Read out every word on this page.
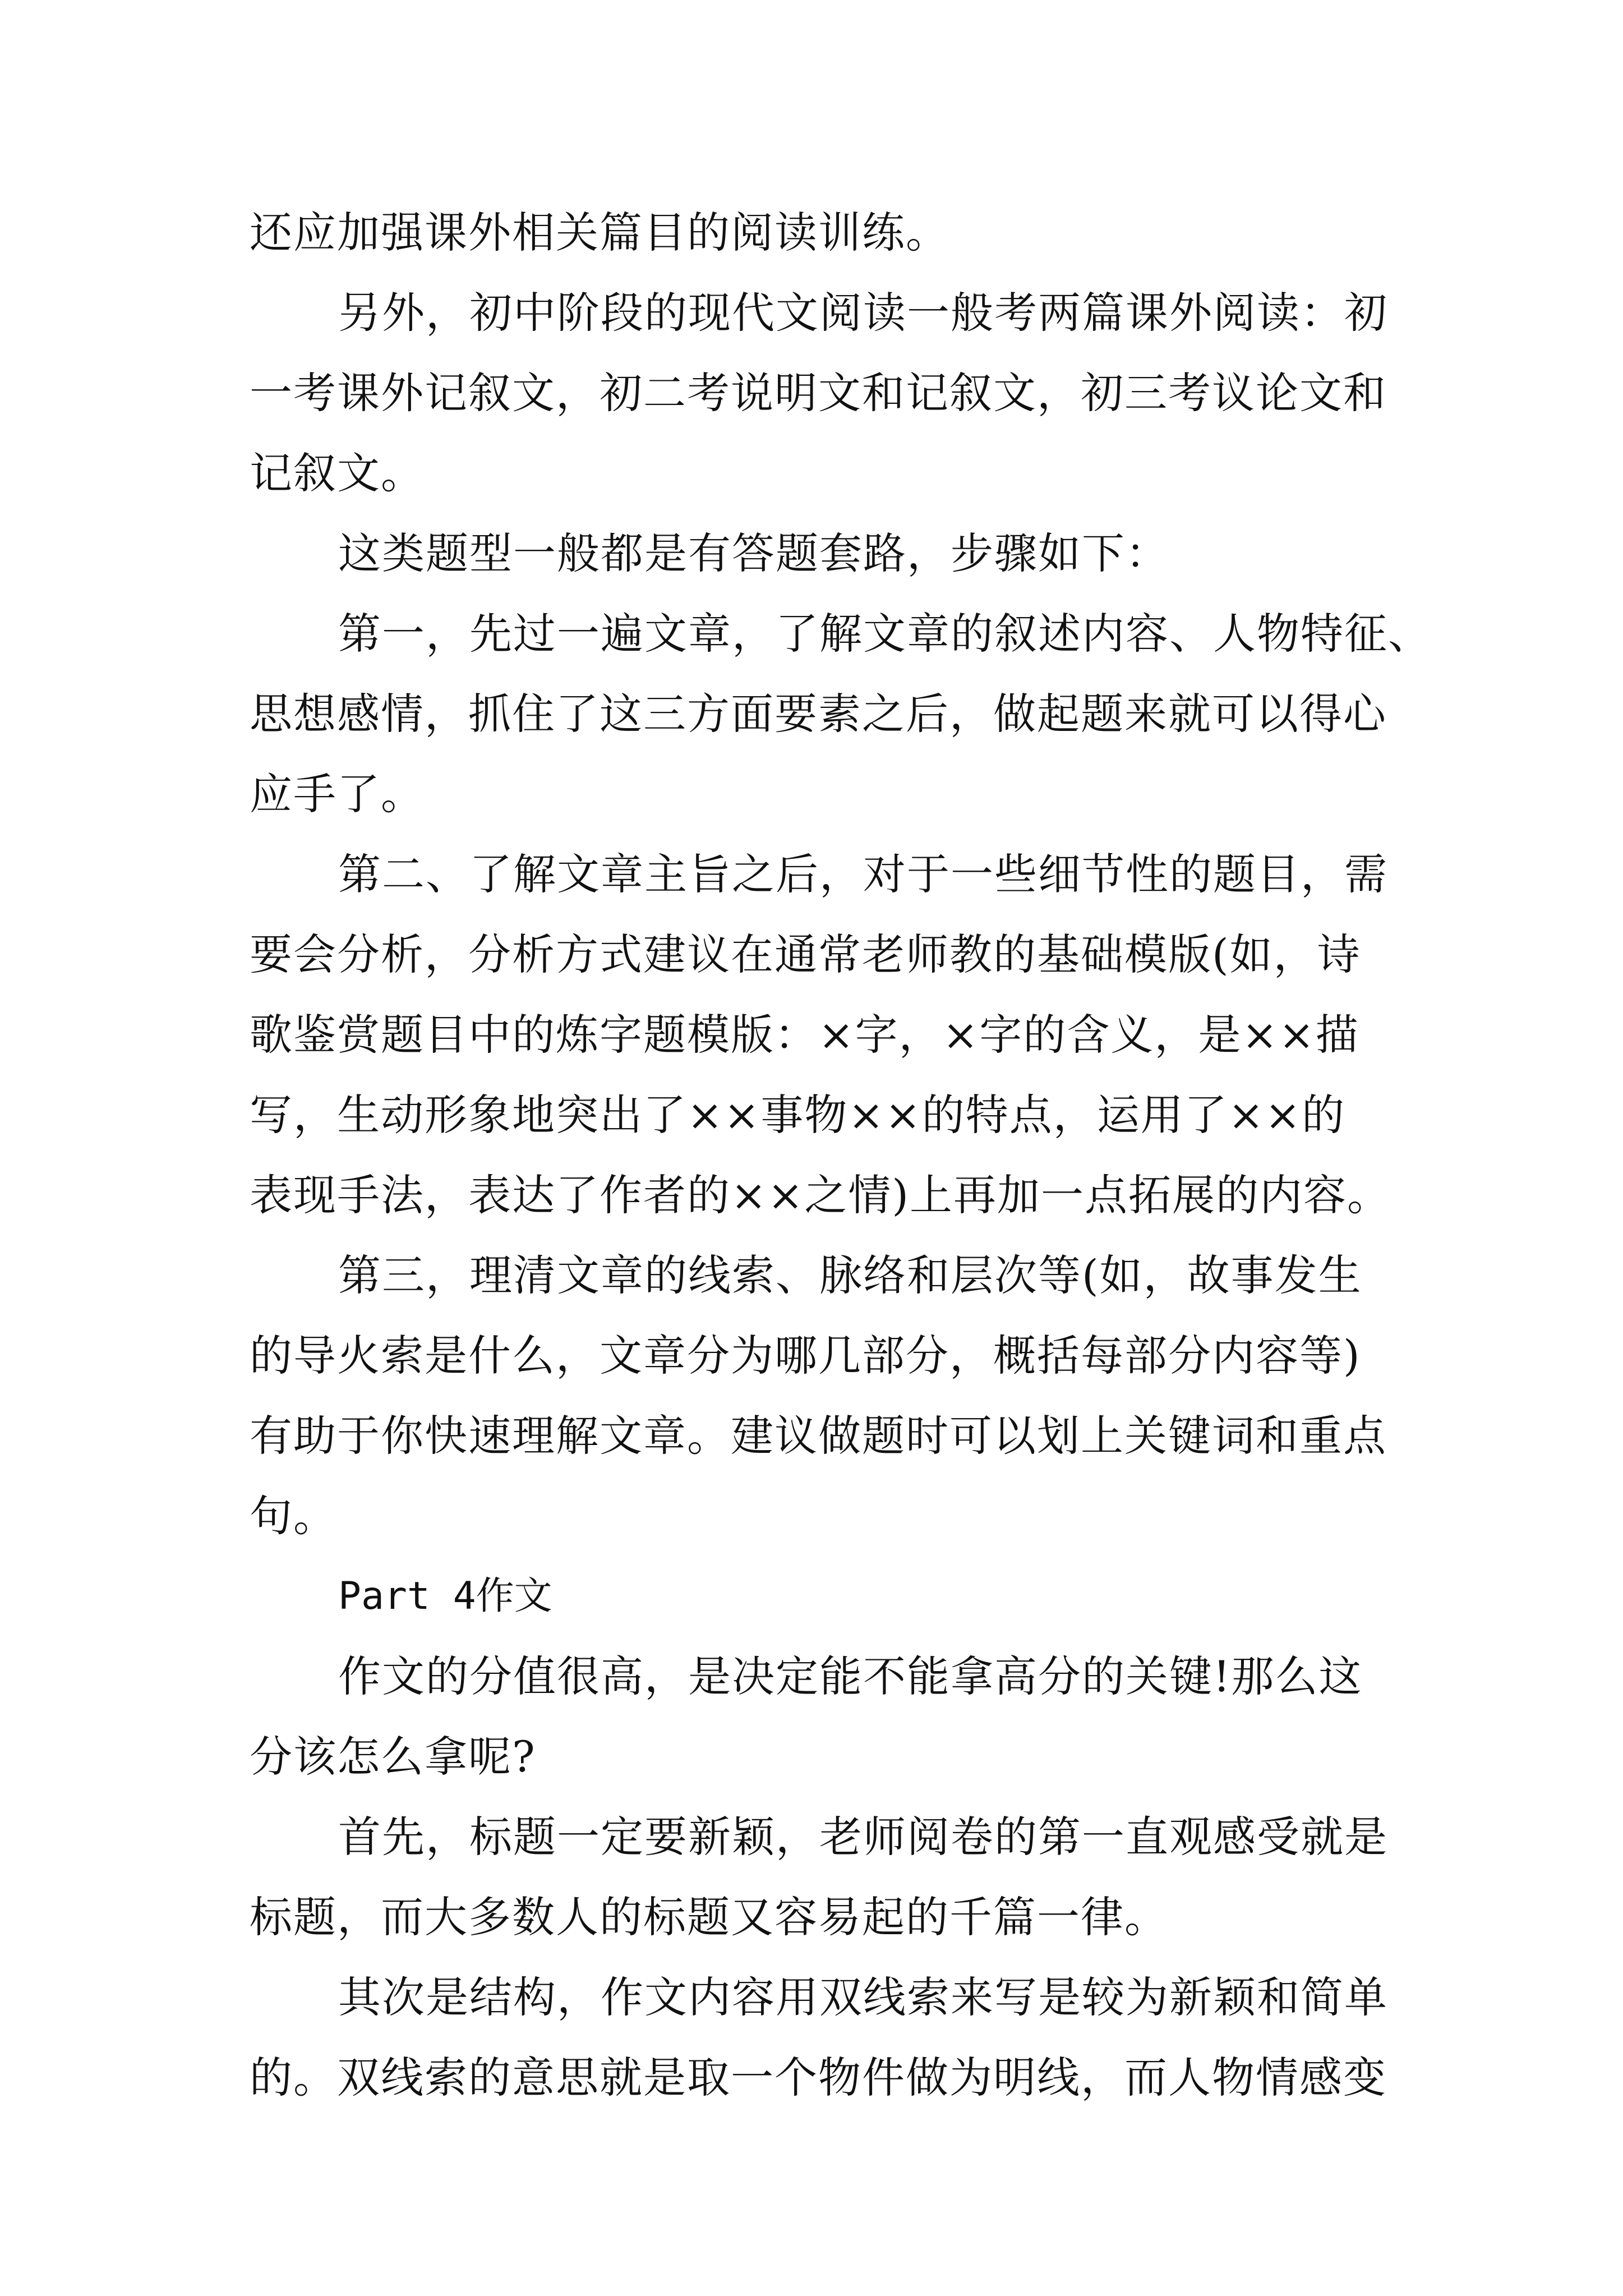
还应加强课外相关篇目的阅读训练。
另外，初中阶段的现代文阅读一般考两篇课外阅读：初
一考课外记叙文，初二考说明文和记叙文，初三考议论文和
记叙文。
这类题型一般都是有答题套路，步骤如下：
第一，先过一遍文章，了解文章的叙述内容、人物特征、
思想感情，抓住了这三方面要素之后，做起题来就可以得心
应手了。
第二、了解文章主旨之后，对于一些细节性的题目，需
要会分析，分析方式建议在通常老师教的基础模版(如，诗
歌鉴赏题目中的炼字题模版：×字，×字的含义，是××描
写，生动形象地突出了××事物××的特点，运用了××的
表现手法，表达了作者的××之情)上再加一点拓展的内容。
第三，理清文章的线索、脉络和层次等(如，故事发生
的导火索是什么，文章分为哪几部分，概括每部分内容等)
有助于你快速理解文章。建议做题时可以划上关键词和重点
句。
Part 4作文
作文的分值很高，是决定能不能拿高分的关键!那么这
分该怎么拿呢?
首先，标题一定要新颖，老师阅卷的第一直观感受就是
标题，而大多数人的标题又容易起的千篇一律。
其次是结构，作文内容用双线索来写是较为新颖和简单
的。双线索的意思就是取一个物件做为明线，而人物情感变
